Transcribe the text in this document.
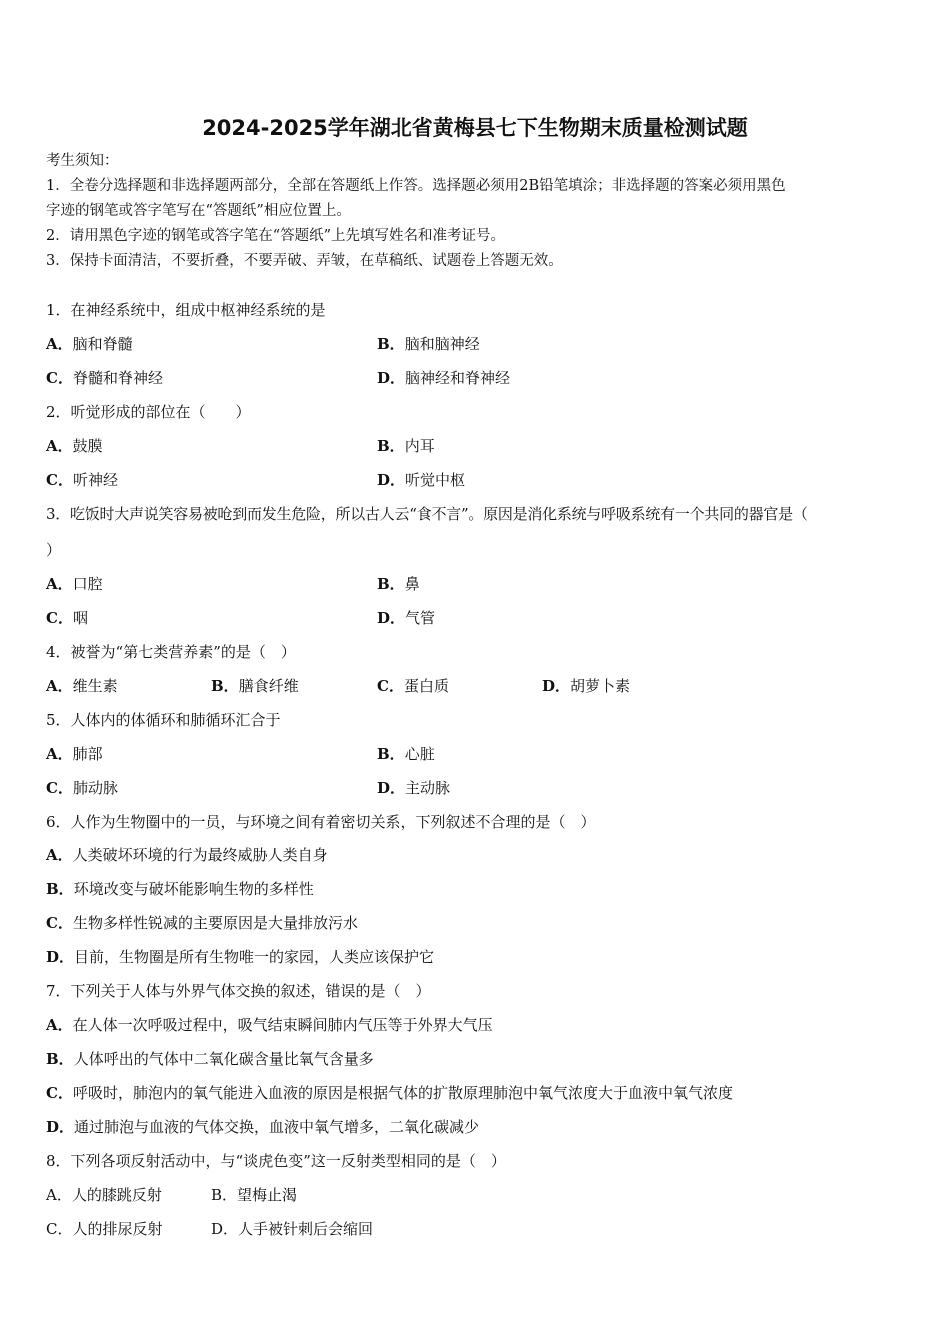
2024-2025学年湖北省黄梅县七下生物期末质量检测试题
考生须知：
1．全卷分选择题和非选择题两部分，全部在答题纸上作答。选择题必须用2B铅笔填涂；非选择题的答案必须用黑色
字迹的钢笔或答字笔写在“答题纸”相应位置上。
2．请用黑色字迹的钢笔或答字笔在“答题纸”上先填写姓名和准考证号。
3．保持卡面清洁，不要折叠，不要弄破、弄皱，在草稿纸、试题卷上答题无效。
1．在神经系统中，组成中枢神经系统的是
A．脑和脊髓	B．脑和脑神经
C．脊髓和脊神经	D．脑神经和脊神经
2．听觉形成的部位在（　　）
A．鼓膜	B．内耳
C．听神经	D．听觉中枢
3．吃饭时大声说笑容易被呛到而发生危险，所以古人云“食不言”。原因是消化系统与呼吸系统有一个共同的器官是（
）
A．口腔	B．鼻
C．咽	D．气管
4．被誉为“第七类营养素”的是（　）
A．维生素	B．膳食纤维	C．蛋白质	D．胡萝卜素
5．人体内的体循环和肺循环汇合于
A．肺部	B．心脏
C．肺动脉	D．主动脉
6．人作为生物圈中的一员，与环境之间有着密切关系，下列叙述不合理的是（　）
A．人类破坏环境的行为最终威胁人类自身
B．环境改变与破坏能影响生物的多样性
C．生物多样性锐减的主要原因是大量排放污水
D．目前，生物圈是所有生物唯一的家园，人类应该保护它
7．下列关于人体与外界气体交换的叙述，错误的是（　）
A．在人体一次呼吸过程中，吸气结束瞬间肺内气压等于外界大气压
B．人体呼出的气体中二氧化碳含量比氧气含量多
C．呼吸时，肺泡内的氧气能进入血液的原因是根据气体的扩散原理肺泡中氧气浓度大于血液中氧气浓度
D．通过肺泡与血液的气体交换，血液中氧气增多，二氧化碳减少
8．下列各项反射活动中，与“谈虎色变”这一反射类型相同的是（　）
A．人的膝跳反射	B．望梅止渴
C．人的排尿反射	D．人手被针刺后会缩回
